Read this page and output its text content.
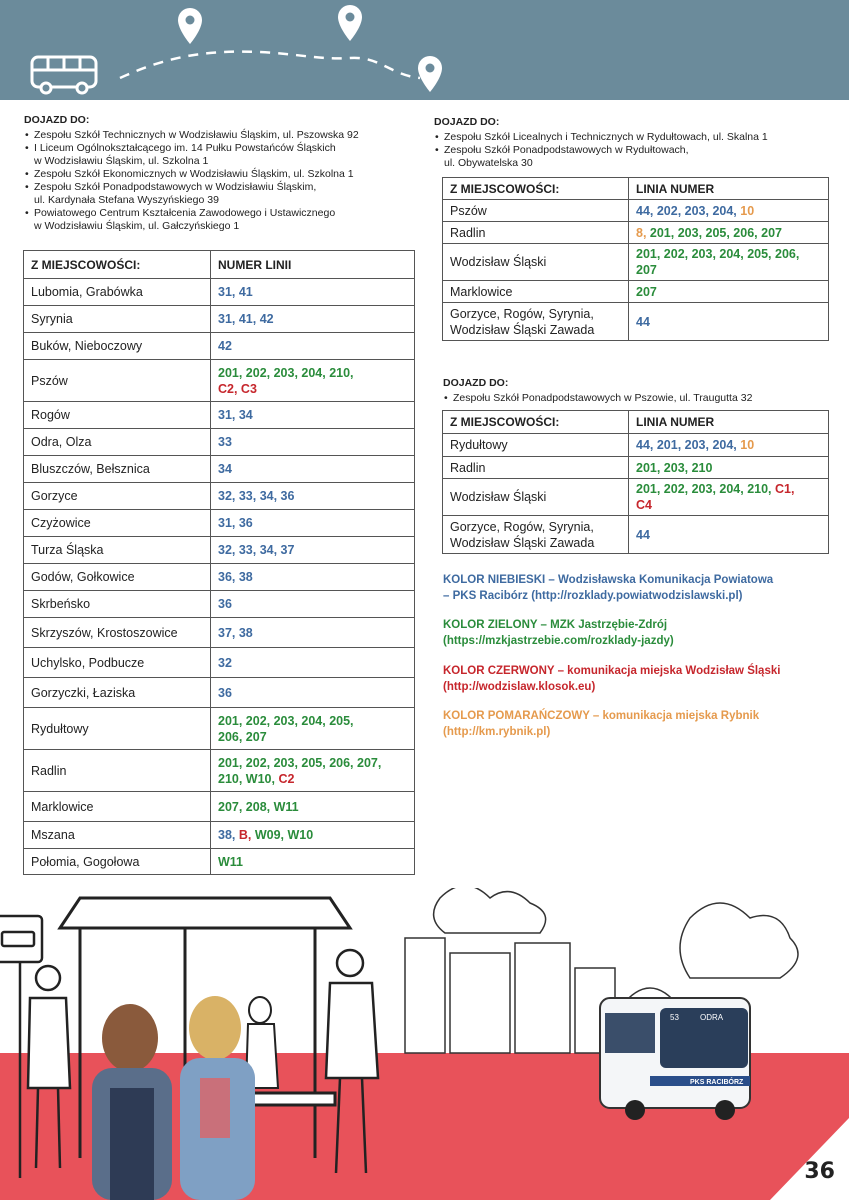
DOJAZD DO:
• Zespołu Szkół Technicznych w Wodzisławiu Śląskim, ul. Pszowska 92
• I Liceum Ogólnokształcącego im. 14 Pułku Powstańców Śląskich
w Wodzisławiu Śląskim, ul. Szkolna 1
• Zespołu Szkół Ekonomicznych w Wodzisławiu Śląskim, ul. Szkolna 1
• Zespołu Szkół Ponadpodstawowych w Wodzisławiu Śląskim,
ul. Kardynała Stefana Wyszyńskiego 39
• Powiatowego Centrum Kształcenia Zawodowego i Ustawicznego
w Wodzisławiu Śląskim, ul. Gałczyńskiego 1
Z MIEJSCOWOŚCI:	NUMER LINII
Lubomia, Grabówka	31, 41
Syrynia	31, 41, 42
Buków, Nieboczowy	42
Pszów	201, 202, 203, 204, 210,
C2, C3
Rogów	31, 34
Odra, Olza	33
Bluszczów, Bełsznica	34
Gorzyce	32, 33, 34, 36
Czyżowice	31, 36
Turza Śląska	32, 33, 34, 37
Godów, Gołkowice	36, 38
Skrbeńsko	36
Skrzyszów, Krostoszowice	37, 38
Uchylsko, Podbucze	32
Gorzyczki, Łaziska	36
Rydułtowy	201, 202, 203, 204, 205,
206, 207
Radlin	201, 202, 203, 205, 206, 207,
210, W10, C2
Marklowice	207, 208, W11
Mszana	38, B, W09, W10
Połomia, Gogołowa	W11
DOJAZD DO:
• Zespołu Szkół Licealnych i Technicznych w Rydułtowach, ul. Skalna 1
• Zespołu Szkół Ponadpodstawowych w Rydułtowach,
ul. Obywatelska 30
Z MIEJSCOWOŚCI:	LINIA NUMER
Pszów	44, 202, 203, 204, 10
Radlin	8, 201, 203, 205, 206, 207
Wodzisław Śląski	201, 202, 203, 204, 205, 206,
207
Marklowice	207
Gorzyce, Rogów, Syrynia,
Wodzisław Śląski Zawada	44
DOJAZD DO:
• Zespołu Szkół Ponadpodstawowych w Pszowie, ul. Traugutta 32
Z MIEJSCOWOŚCI:	LINIA NUMER
Rydułtowy	44, 201, 203, 204, 10
Radlin	201, 203, 210
Wodzisław Śląski	201, 202, 203, 204, 210, C1,
C4
Gorzyce, Rogów, Syrynia,
Wodzisław Śląski Zawada	44
KOLOR NIEBIESKI – Wodzisławska Komunikacja Powiatowa
– PKS Racibórz (http://rozklady.powiatwodzislawski.pl)
KOLOR ZIELONY – MZK Jastrzębie-Zdrój
(https://mzkjastrzebie.com/rozklady-jazdy)
KOLOR CZERWONY – komunikacja miejska Wodzisław Śląski
(http://wodzislaw.klosok.eu)
KOLOR POMARAŃCZOWY – komunikacja miejska Rybnik
(http://km.rybnik.pl)
PKS RACIBÓRZ
ODRA
53
36
